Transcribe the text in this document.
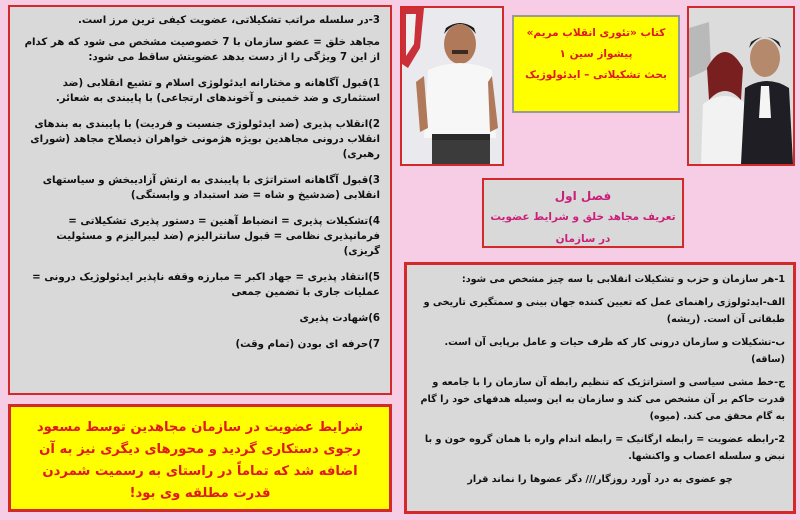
3-در سلسله مراتب تشکیلاتی، عضویت کیفی ترین مرز است.

مجاهد خلق = عضو سازمان با 7 خصوصیت مشخص می شود که هر کدام از این 7 ویژگی را از دست بدهد عضویتش ساقط می شود:

1)قبول آگاهانه و مختارانه ایدئولوژی اسلام و تشیع انقلابی (ضد استثماری و ضد خمینی و آخوندهای ارتجاعی) با پایبندی به شعائر.

2)انقلاب پذیری (ضد ایدئولوژی جنسیت و فردیت) با پایبندی به بندهای انقلاب درونی مجاهدین بویژه هژمونی خواهران ذیصلاح مجاهد (شورای رهبری)

3)قبول آگاهانه استراتژی با پایبندی به ارتش آزادیبخش و سیاستهای انقلابی (ضدشیخ و شاه = ضد استبداد و وابستگی)

4)تشکیلات پذیری = انضباط آهنین = دستور پذیری تشکیلاتی = فرمانپذیری نظامی = قبول سانترالیزم (ضد لیبرالیزم و مسئولیت گریزی)

5)انتقاد پذیری = جهاد اکبر = مبارزه وقفه ناپذیر ایدئولوژیک درونی = عملیات جاری با تضمین جمعی

6)شهادت پذیری

7)حرفه ای بودن (تمام وقت)

شرایط عضویت در سازمان مجاهدین توسط مسعود رجوی دستکاری گردید و محورهای دیگری نیز به آن اضافه شد که تماماً در راستای به رسمیت شمردن قدرت مطلقه وی بود!

کتاب «تئوری انقلاب مریم»
پیشواز سین ۱
بحث تشکیلاتی – ایدئولوژیک
فصل اول
تعریف مجاهد خلق و شرایط عضویت در سازمان

1-هر سازمان و حزب و تشکیلات انقلابی با سه چیز مشخص می شود:

الف-ایدئولوژی راهنمای عمل که تعیین کننده جهان بینی و سمتگیری تاریخی و طبقاتی آن است. (ریشه)

ب-تشکیلات و سازمان درونی کار که ظرف حیات و عامل برپایی آن است. (ساقه)

ج-خط مشی سیاسی و استراتژیک که تنظیم رابطه آن سازمان را با جامعه و قدرت حاکم بر آن مشخص می کند و سازمان به این وسیله هدفهای خود را گام به گام محقق می کند. (میوه)

2-رابطه عضویت = رابطه ارگانیک = رابطه اندام واره با همان گروه خون و با نبض و سلسله اعصاب و واکنشها.

چو عضوی به درد آورد روزگار/// دگر عضوها را نماند قرار
